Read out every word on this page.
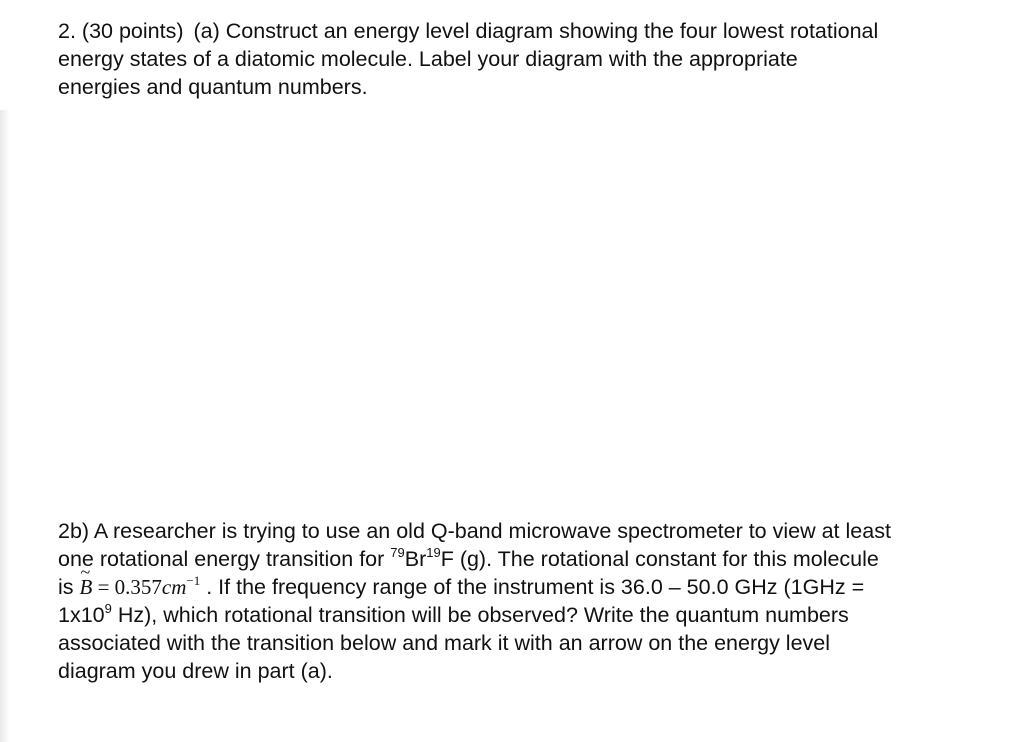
2. (30 points) (a) Construct an energy level diagram showing the four lowest rotational
energy states of a diatomic molecule. Label your diagram with the appropriate
energies and quantum numbers.

2b) A researcher is trying to use an old Q-band microwave spectrometer to view at least
one rotational energy transition for $^{79}$Br$^{19}$F (g). The rotational constant for this molecule
is ~ $B = 0.357cm^{-1}$ . If the frequency range of the instrument is 36.0 – 50.0 GHz (1GHz =
$1x10^9$ Hz), which rotational transition will be observed? Write the quantum numbers
associated with the transition below and mark it with an arrow on the energy level
diagram you drew in part (a).
